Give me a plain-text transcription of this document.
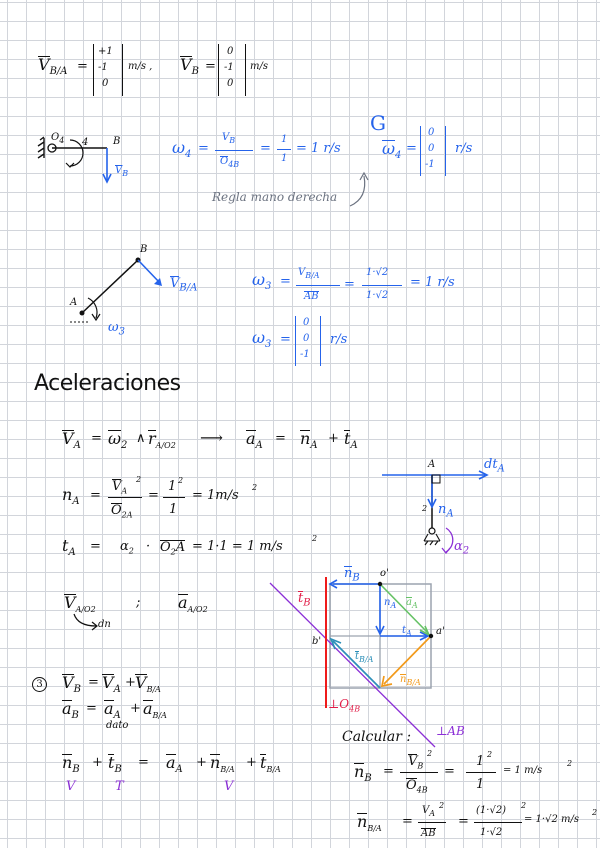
$V_{B/A}$ =
+1
-1
0
m/s , $V_B$ =
0
-1
0
m/s
$O_4$ 4 B
$V_B$
$\omega_4$ =
$V_B$
$O_{4B}$
=
1
1
= 1 r/s
Regla mano derecha
G
$\omega_4$ =
0
0
-1
r/s
B
A
$V_{B/A}$
$\omega_3$
$\omega_3$ =
$V_{B/A}$
AB
=
1·√2
1·√2
= 1 r/s
$\omega_3$ =
0
0
-1
r/s
Aceleraciones
$V_A = \omega_2$ ∧ $r_{A/O2}$ ⟶ $a_A = n_A + t_A$
$n_A$ =
$V_A$
2
$O_{2A}$
=
1 2
1
= 1m/s
2
$t_A = \alpha_2 \cdot O_2A = 1\cdot 1 = 1$ m/s
2
$V_{A/O2}$	; $a_{A/O2}$
dn
A	$dt_A$
2 $n_A$
$\alpha_2$
$n_B$ o'
$t_B$	$n_A$ $a_A$
$t_A$ a'
b'
$t_{B/A}$
$n_{B/A}$
$\perp O_{4B}$
⊥AB
3 $V_B = V_A + V_{B/A}$
$a_B = a_A + a_{B/A}$
dato
$n_B + t_B = a_A + n_{B/A} + t_{B/A}$
V	T	V
Calcular :
$n_B$ =
$V_B$
2
$O_{4B}$
=
1 2
1
= 1 m/s
2
$n_{B/A}$ =
$V_A$
2
AB
=
(1·√2) 2
1·√2
= 1·√2 m/s
2
